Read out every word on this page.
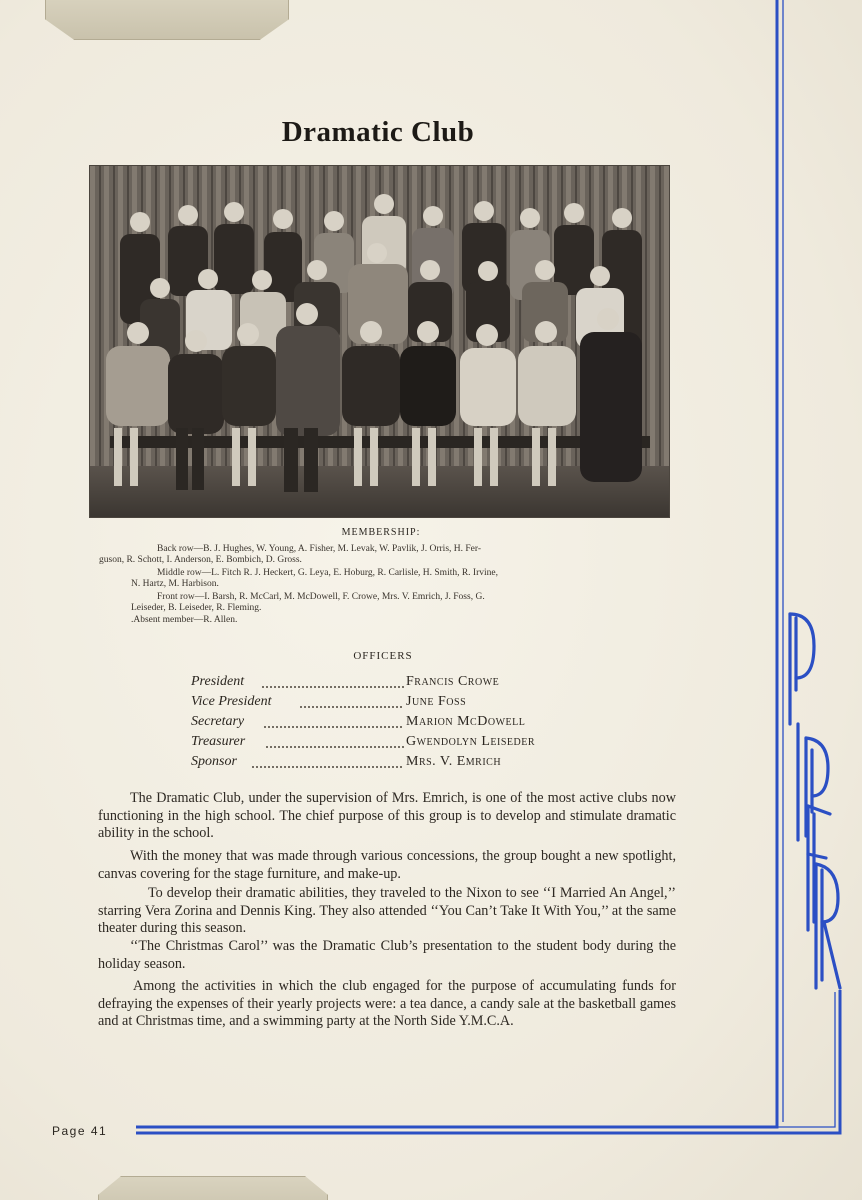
Dramatic Club
MEMBERSHIP:
Back row—B. J. Hughes, W. Young, A. Fisher, M. Levak, W. Pavlik, J. Orris, H. Fer-
guson, R. Schott, I. Anderson, E. Bombich, D. Gross.
Middle row—L. Fitch R. J. Heckert, G. Leya, E. Hoburg, R. Carlisle, H. Smith, R. Irvine,
N. Hartz, M. Harbison.
Front row—I. Barsh, R. McCarl, M. McDowell, F. Crowe, Mrs. V. Emrich, J. Foss, G.
Leiseder, B. Leiseder, R. Fleming.
.Absent member—R. Allen.
OFFICERS
President	Francis Crowe
Vice President	June Foss
Secretary	Marion McDowell
Treasurer	Gwendolyn Leiseder
Sponsor	Mrs. V. Emrich
The Dramatic Club, under the supervision of Mrs. Emrich, is one of the most active clubs now functioning in the high school. The chief purpose of this group is to develop and stimulate dramatic ability in the school.
With the money that was made through various concessions, the group bought a new spotlight, canvas covering for the stage furniture, and make-up.
To develop their dramatic abilities, they traveled to the Nixon to see ‘‘I Married An Angel,’’ starring Vera Zorina and Dennis King. They also attended ‘‘You Can’t Take It With You,’’ at the same theater during this season.
‘‘The Christmas Carol’’ was the Dramatic Club’s presentation to the student body during the holiday season.
Among the activities in which the club engaged for the purpose of accumulating funds for defraying the expenses of their yearly projects were: a tea dance, a candy sale at the basketball games and at Christmas time, and a swimming party at the North Side Y.M.C.A.
Page 41
